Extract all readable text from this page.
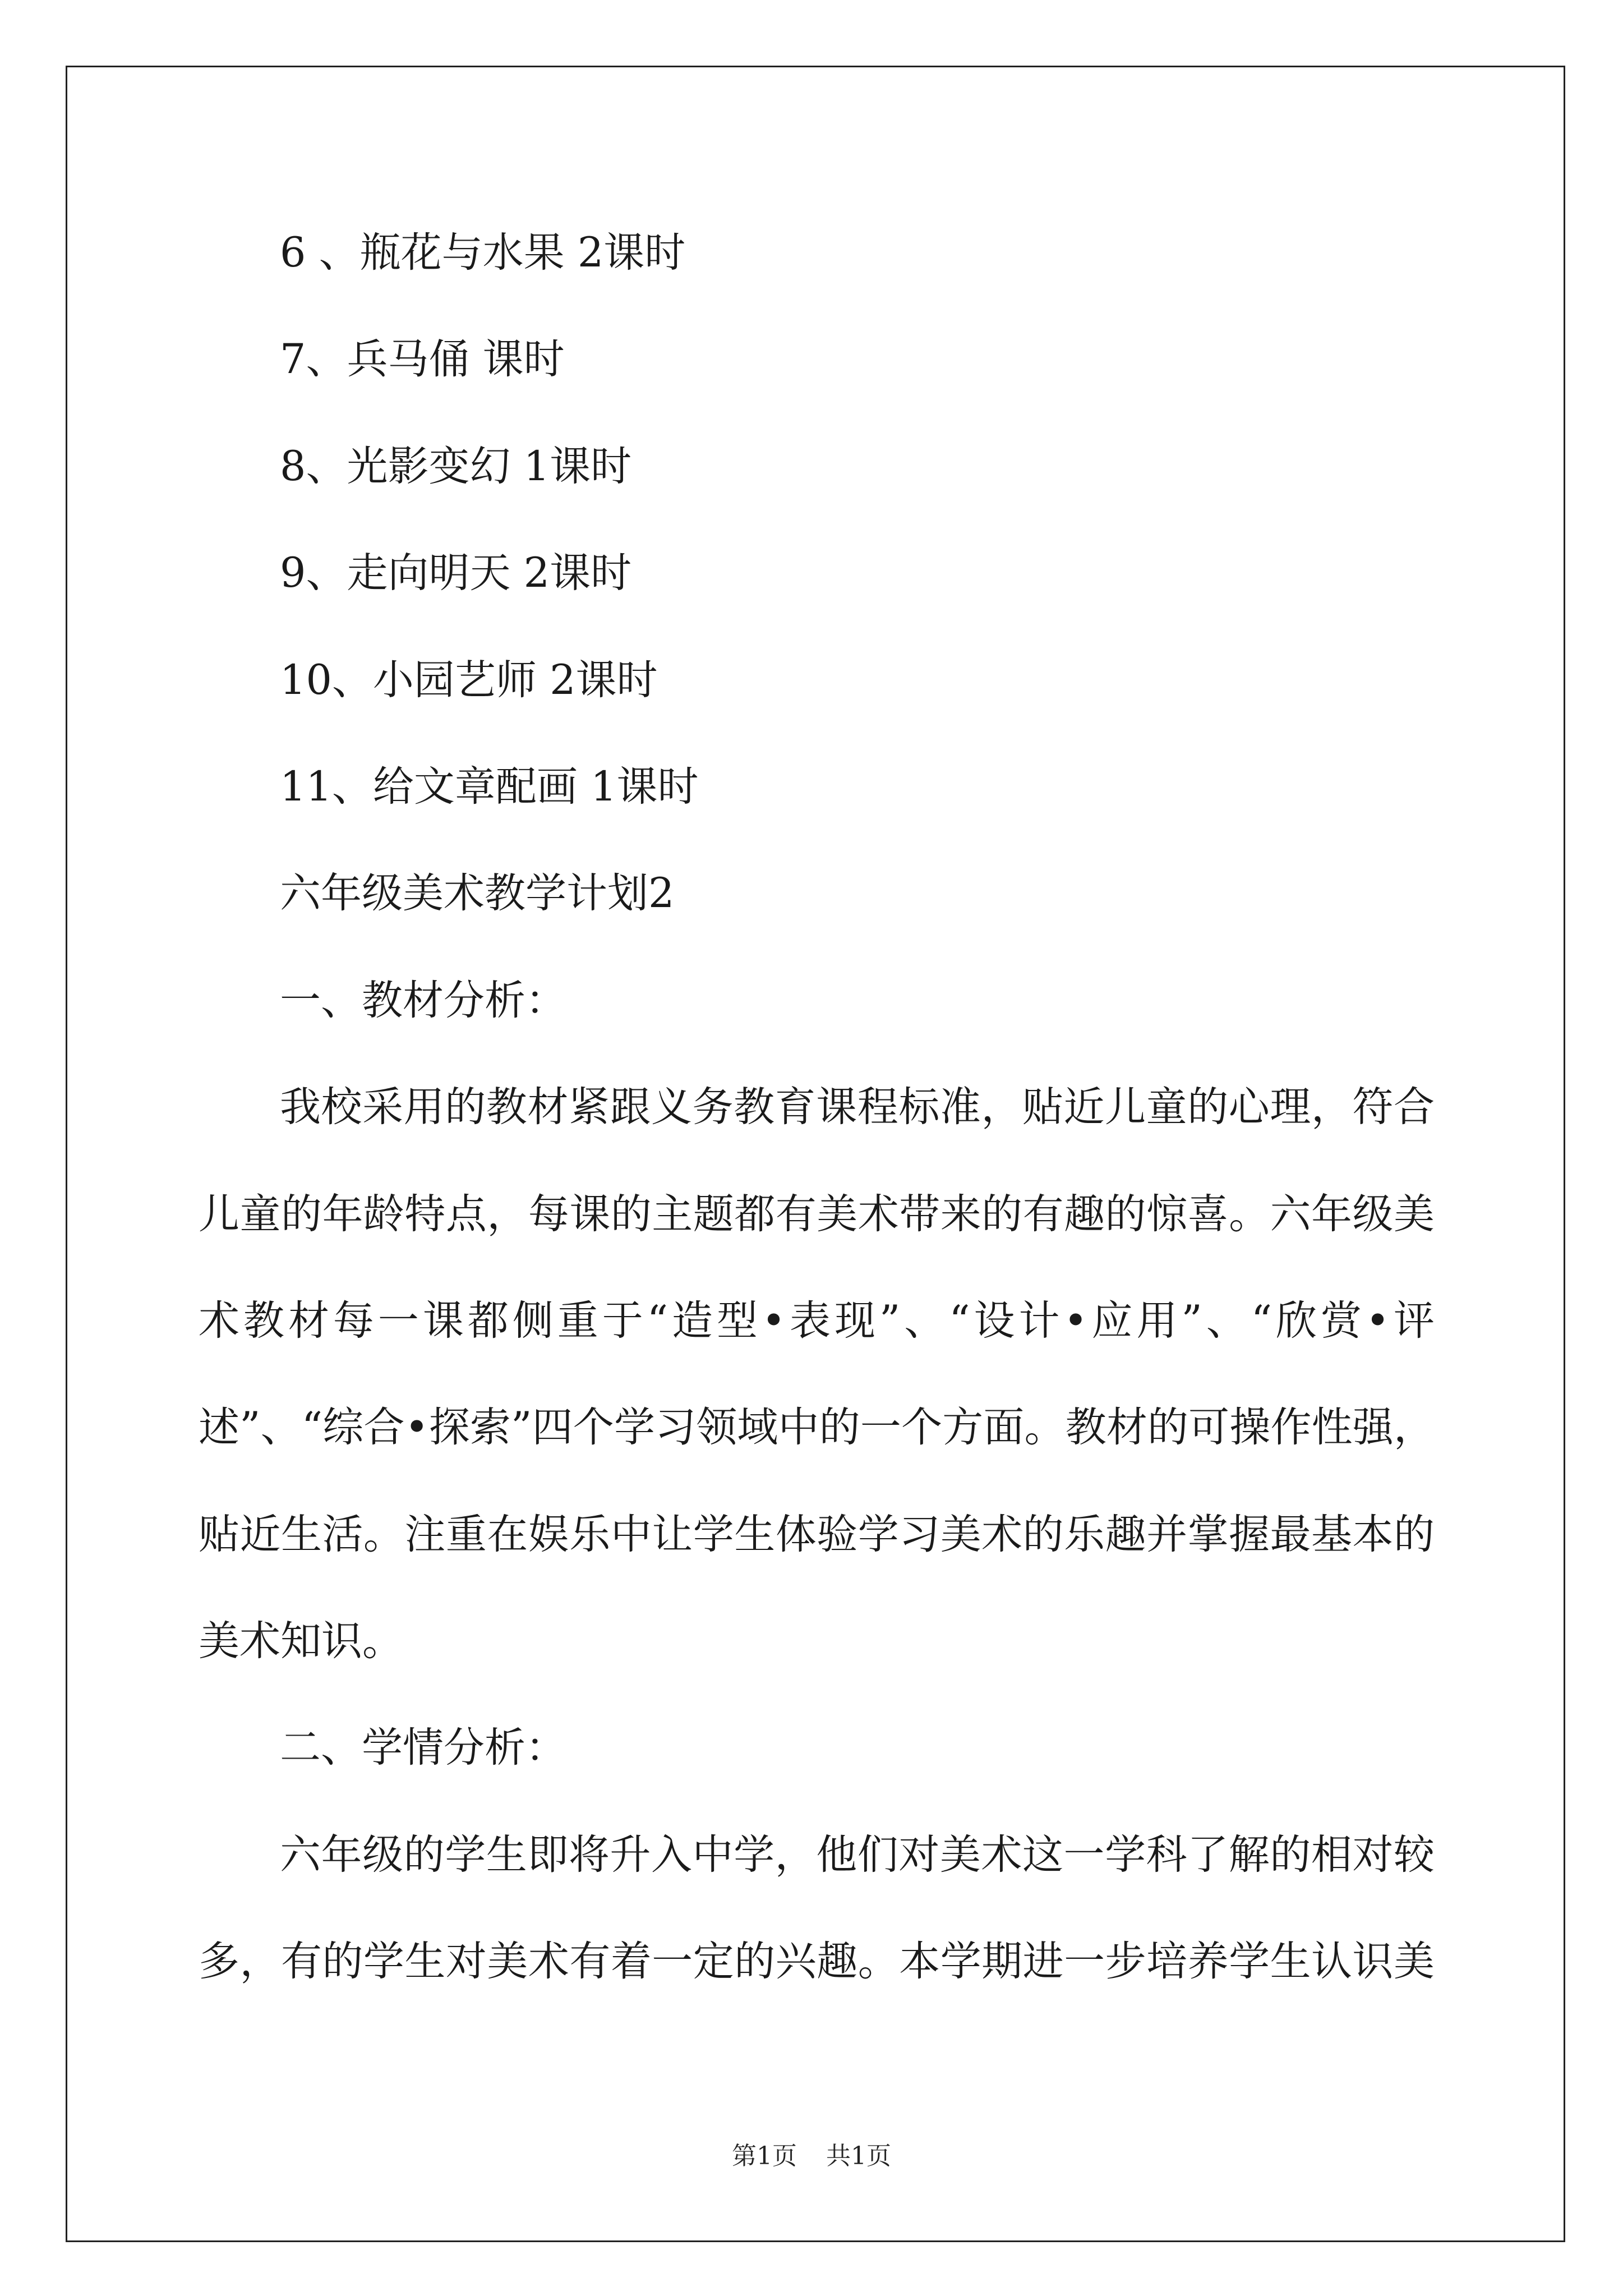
6 、瓶花与水果 2课时
7、兵马俑 课时
8、光影变幻 1课时
9、走向明天 2课时
10、小园艺师 2课时
11、给文章配画 1课时
六年级美术教学计划2
一、教材分析：
我校采用的教材紧跟义务教育课程标准，贴近儿童的心理，符合
儿童的年龄特点，每课的主题都有美术带来的有趣的惊喜。六年级美
术教材每一课都侧重于“造型•表现”、“设计•应用”、“欣赏•评
述”、“综合•探索”四个学习领域中的一个方面。教材的可操作性强，
贴近生活。注重在娱乐中让学生体验学习美术的乐趣并掌握最基本的
美术知识。
二、学情分析：
六年级的学生即将升入中学，他们对美术这一学科了解的相对较
多，有的学生对美术有着一定的兴趣。本学期进一步培养学生认识美
第1页 共1页
